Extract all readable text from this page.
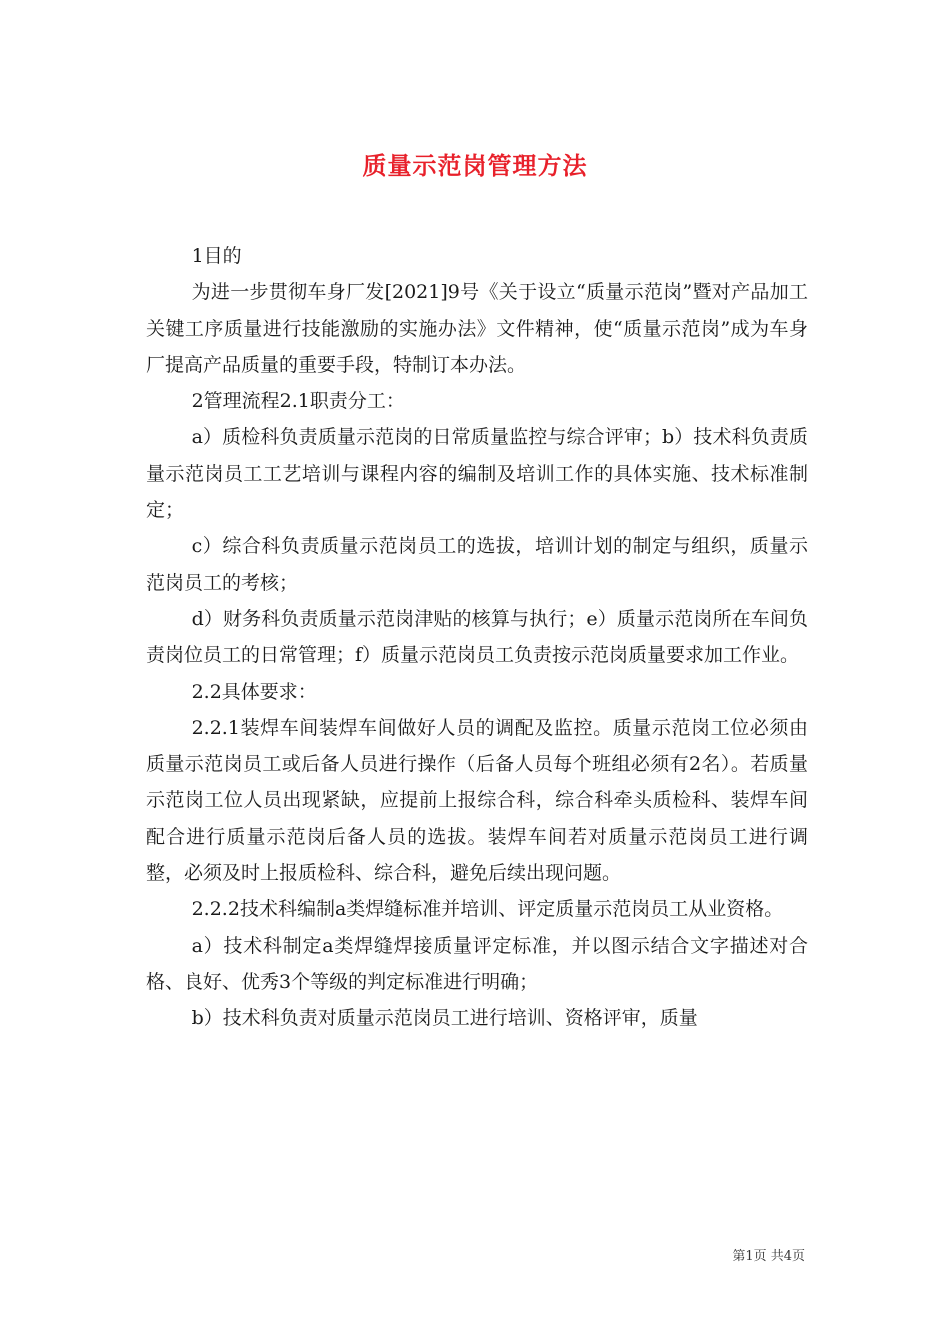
质量示范岗管理方法

1目的

为进一步贯彻车身厂发[2021]9号《关于设立“质量示范岗”暨对产品加工关键工序质量进行技能激励的实施办法》文件精神，使“质量示范岗”成为车身厂提高产品质量的重要手段，特制订本办法。

2管理流程2.1职责分工：

a）质检科负责质量示范岗的日常质量监控与综合评审；b）技术科负责质量示范岗员工工艺培训与课程内容的编制及培训工作的具体实施、技术标准制定；

c）综合科负责质量示范岗员工的选拔，培训计划的制定与组织，质量示范岗员工的考核；

d）财务科负责质量示范岗津贴的核算与执行；e）质量示范岗所在车间负责岗位员工的日常管理；f）质量示范岗员工负责按示范岗质量要求加工作业。

2.2具体要求：

2.2.1装焊车间装焊车间做好人员的调配及监控。质量示范岗工位必须由质量示范岗员工或后备人员进行操作（后备人员每个班组必须有2名）。若质量示范岗工位人员出现紧缺，应提前上报综合科，综合科牵头质检科、装焊车间配合进行质量示范岗后备人员的选拔。装焊车间若对质量示范岗员工进行调整，必须及时上报质检科、综合科，避免后续出现问题。

2.2.2技术科编制a类焊缝标准并培训、评定质量示范岗员工从业资格。

a）技术科制定a类焊缝焊接质量评定标准，并以图示结合文字描述对合格、良好、优秀3个等级的判定标准进行明确；

b）技术科负责对质量示范岗员工进行培训、资格评审，质量

第1页 共4页
